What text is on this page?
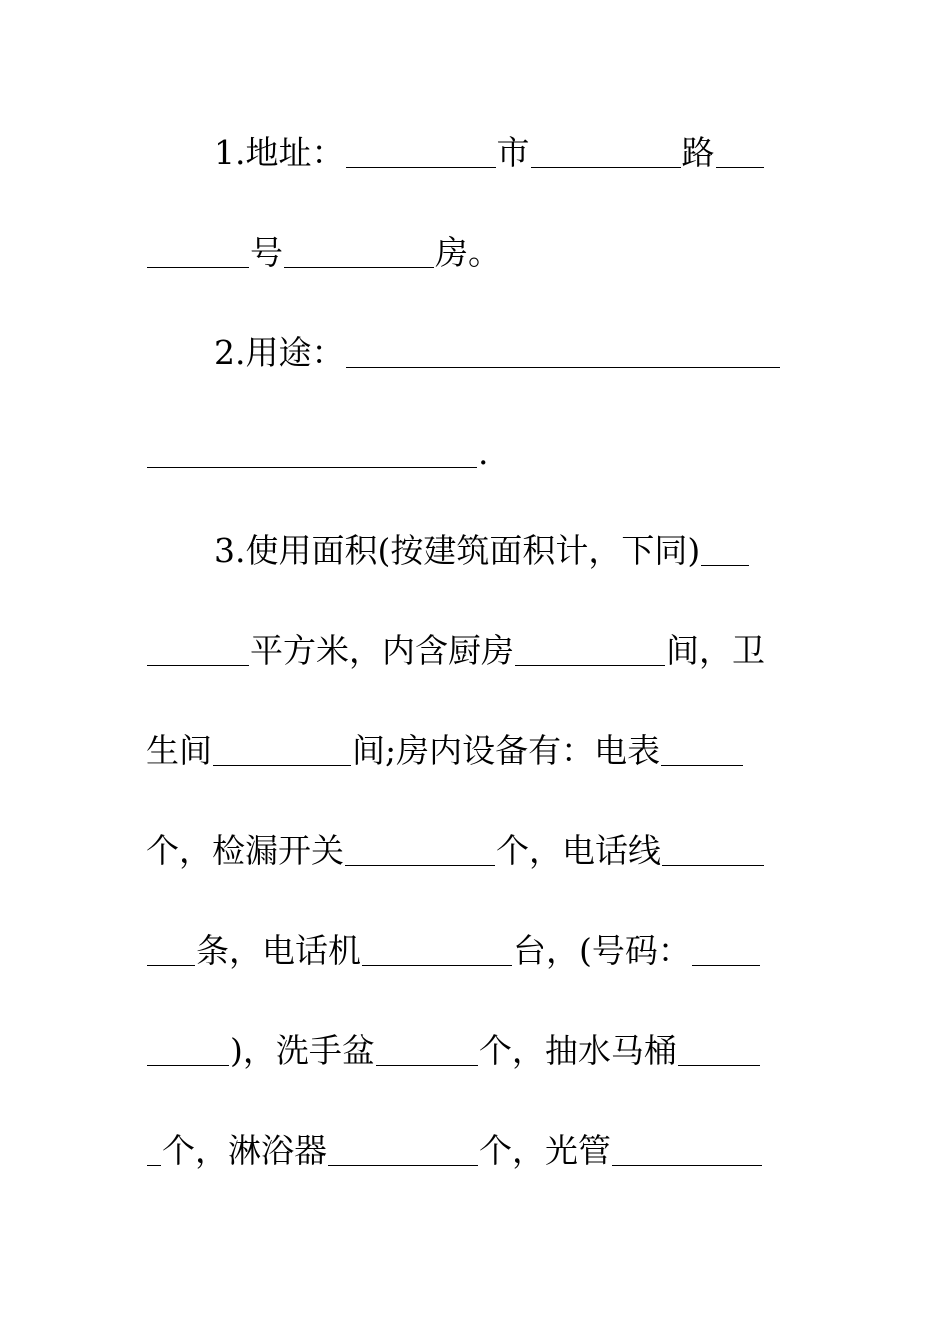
1.地址：	市	路
号	房。
2.用途：
.
3.使用面积(按建筑面积计，下同)
平方米，内含厨房	间，卫
生间	间;房内设备有：电表
个，检漏开关	个，电话线
条，电话机	台，(号码：
)，洗手盆	个，抽水马桶
个，淋浴器	个，光管
